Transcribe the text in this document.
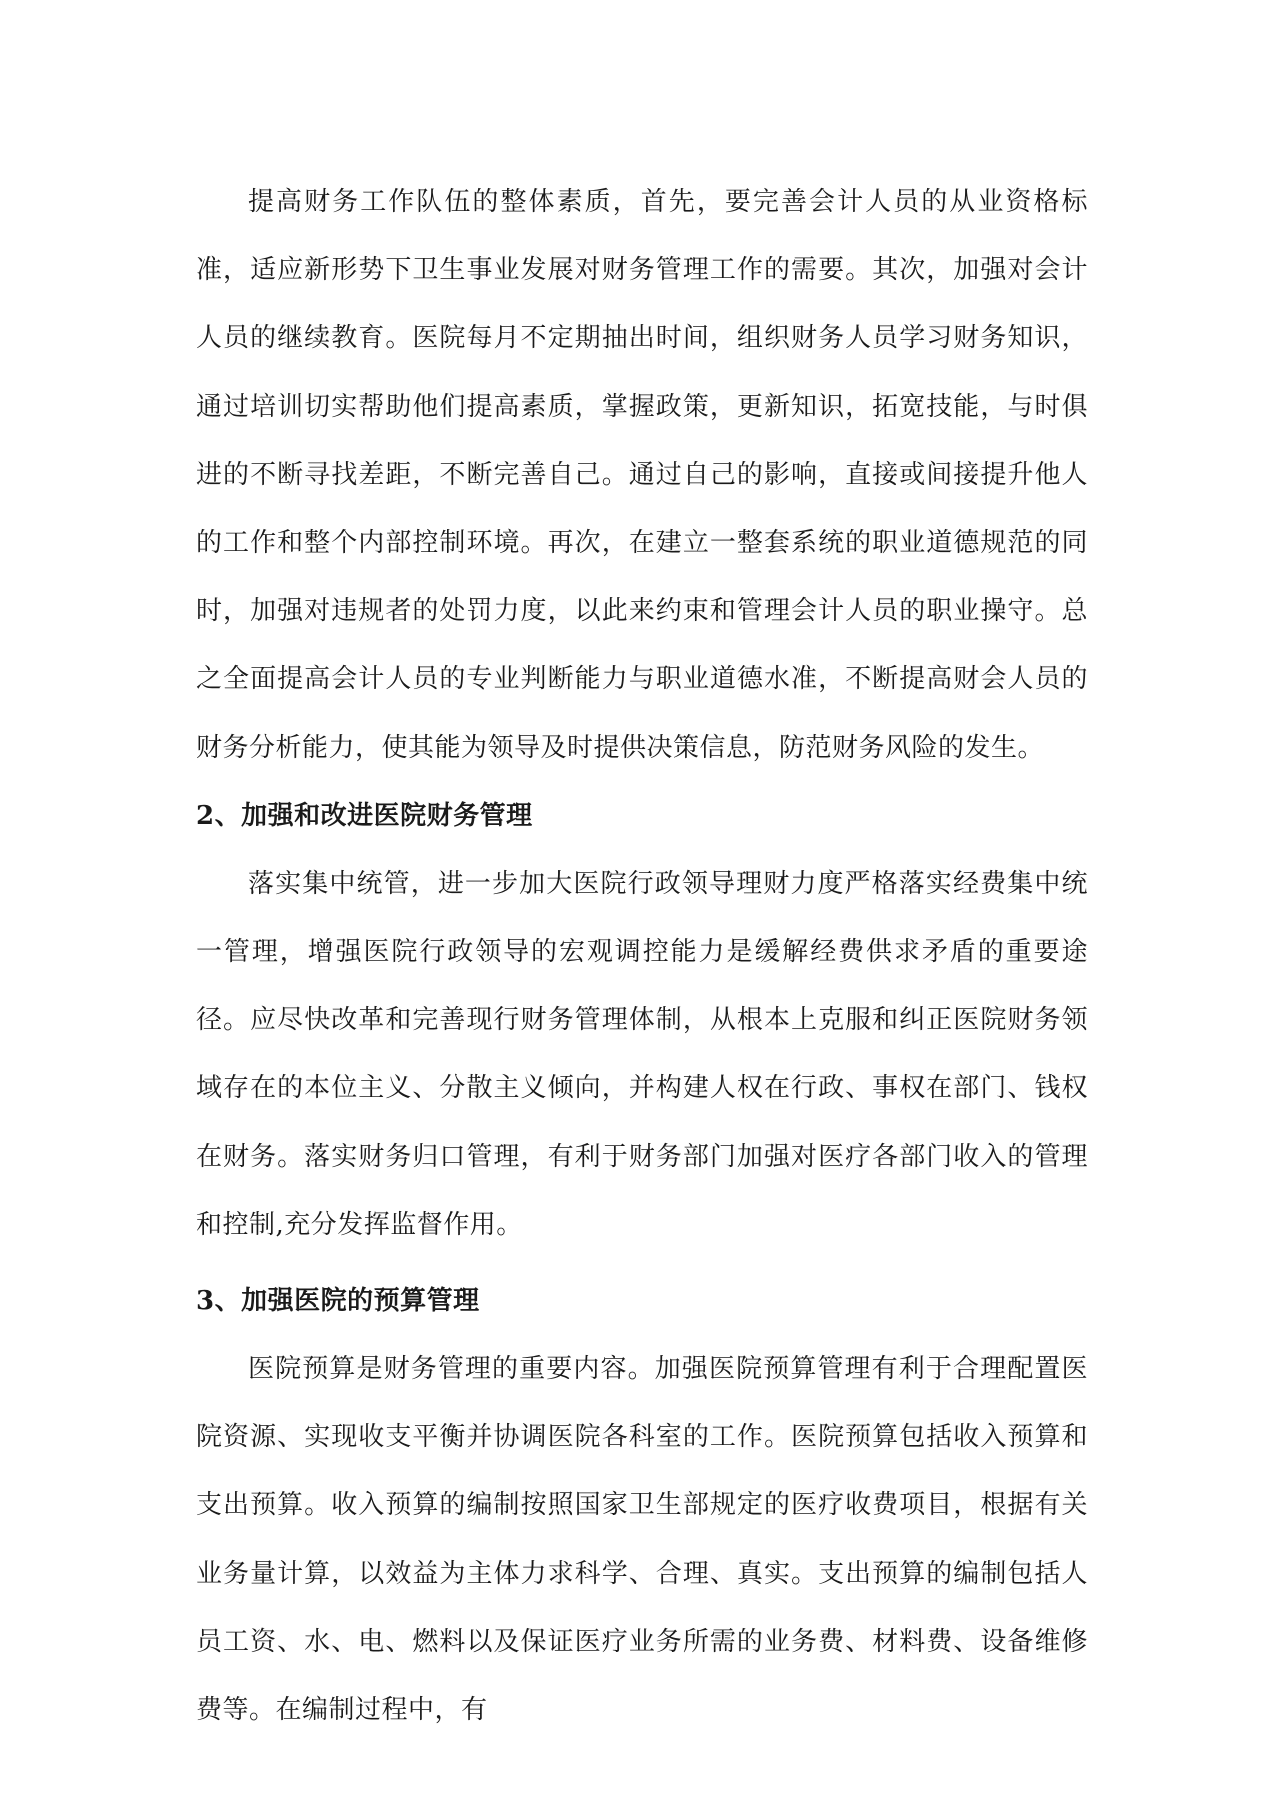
提高财务工作队伍的整体素质，首先，要完善会计人员的从业资格标准，适应新形势下卫生事业发展对财务管理工作的需要。其次，加强对会计人员的继续教育。医院每月不定期抽出时间，组织财务人员学习财务知识，通过培训切实帮助他们提高素质，掌握政策，更新知识，拓宽技能，与时俱进的不断寻找差距，不断完善自己。通过自己的影响，直接或间接提升他人的工作和整个内部控制环境。再次，在建立一整套系统的职业道德规范的同时，加强对违规者的处罚力度，以此来约束和管理会计人员的职业操守。总之全面提高会计人员的专业判断能力与职业道德水准，不断提高财会人员的财务分析能力，使其能为领导及时提供决策信息，防范财务风险的发生。

2、加强和改进医院财务管理

落实集中统管，进一步加大医院行政领导理财力度严格落实经费集中统一管理，增强医院行政领导的宏观调控能力是缓解经费供求矛盾的重要途径。应尽快改革和完善现行财务管理体制，从根本上克服和纠正医院财务领域存在的本位主义、分散主义倾向，并构建人权在行政、事权在部门、钱权在财务。落实财务归口管理，有利于财务部门加强对医疗各部门收入的管理和控制,充分发挥监督作用。

3、加强医院的预算管理

医院预算是财务管理的重要内容。加强医院预算管理有利于合理配置医院资源、实现收支平衡并协调医院各科室的工作。医院预算包括收入预算和支出预算。收入预算的编制按照国家卫生部规定的医疗收费项目，根据有关业务量计算，以效益为主体力求科学、合理、真实。支出预算的编制包括人员工资、水、电、燃料以及保证医疗业务所需的业务费、材料费、设备维修费等。在编制过程中，有
